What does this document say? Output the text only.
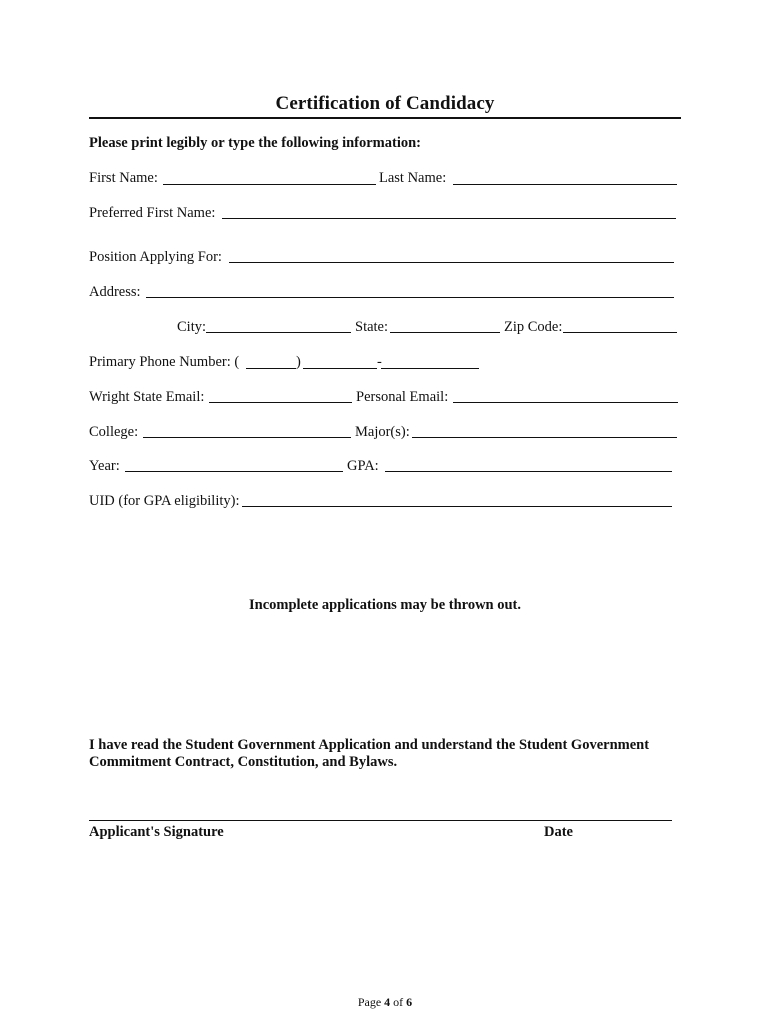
Certification of Candidacy
Please print legibly or type the following information:
First Name:	Last Name:
Preferred First Name:
Position Applying For:
Address:
City:	State:	Zip Code:
Primary Phone Number: (	)	-
Wright State Email:	Personal Email:
College:	Major(s):
Year:	GPA:
UID (for GPA eligibility):
Incomplete applications may be thrown out.
I have read the Student Government Application and understand the Student Government
Commitment Contract, Constitution, and Bylaws.
Applicant's Signature	Date
Page 4 of 6
